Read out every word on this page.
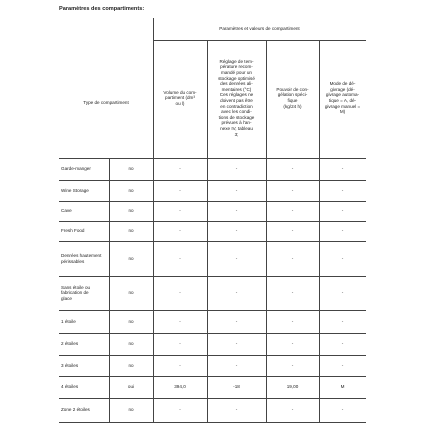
Paramètres des compartiments:
Type de compartiment
Paramètres et valeurs de compartiment
Volume du com-
partiment (dm³
ou l)
Réglage de tem-
pérature recom-
mandé pour un
stockage optimisé
des denrées ali-
mentaires (°C)
Ces réglages ne
doivent pas être
en contradiction
avec les condi-
tions de stockage
prévues à l'an-
nexe IV, tableau
3;
Pouvoir de con-
gélation spéci-
fique
(kg/24 h)
Mode de dé-
givrage (dé-
givrage automa-
tique = A, dé-
givrage manuel =
M)
Garde-manger	no	-	-	-	-
Wine Storage	no	-	-	-	-
Cave	no	-	-	-	-
Fresh Food	no	-	-	-	-
Denrées hautement
périssables
no	-	-	-	-
Sans étoile ou
fabrication de
glace
no	-	-	-	-
1 étoile	no	-	-	-	-
2 étoiles	no	-	-	-	-
3 étoiles	no	-	-	-	-
4 étoiles	oui	394,0	-18	19,00	M
Zone 2 étoiles	no	-	-	-	-
